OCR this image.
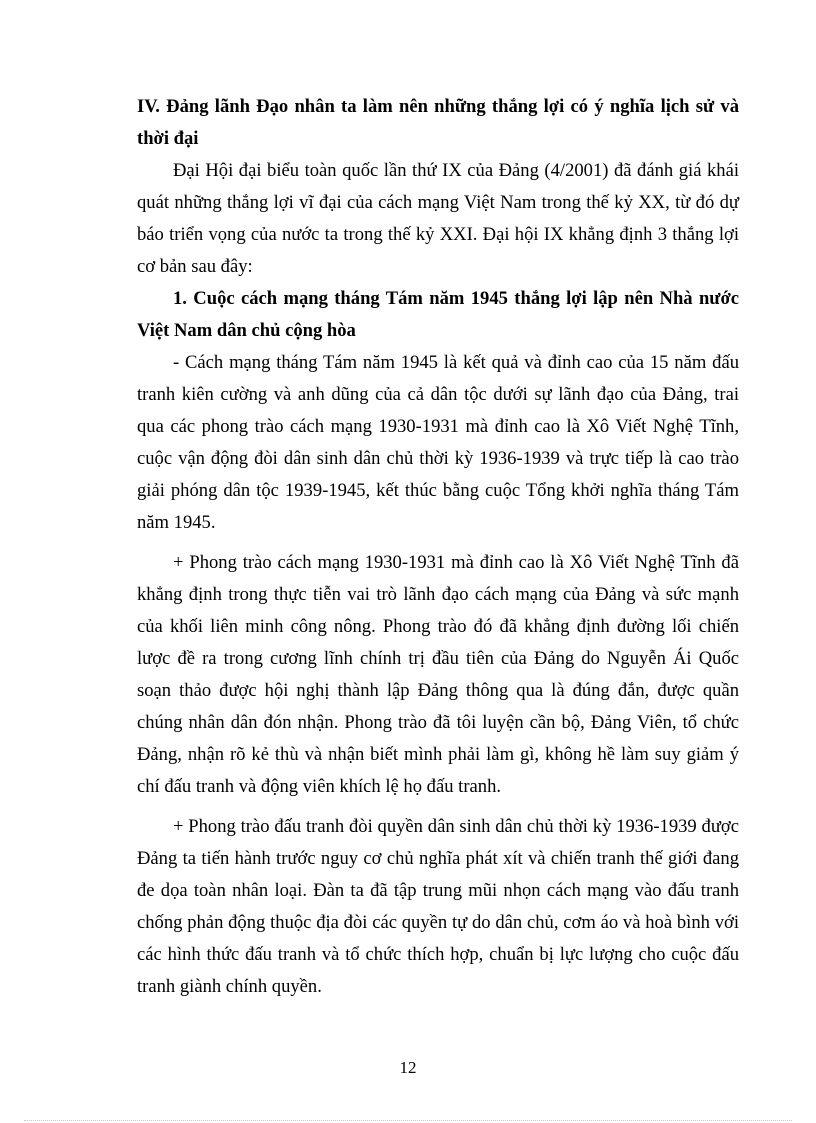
IV. Đảng lãnh Đạo nhân ta làm nên những thắng lợi có ý nghĩa lịch sử và thời đại

Đại Hội đại biểu toàn quốc lần thứ IX của Đảng (4/2001) đã đánh giá khái quát những thắng lợi vĩ đại của cách mạng Việt Nam trong thế kỷ XX, từ đó dự báo triển vọng của nước ta trong thế kỷ XXI. Đại hội IX khẳng định 3 thắng lợi cơ bản sau đây:

1. Cuộc cách mạng tháng Tám năm 1945 thắng lợi lập nên Nhà nước Việt Nam dân chủ cộng hòa

- Cách mạng tháng Tám năm 1945 là kết quả và đỉnh cao của 15 năm đấu tranh kiên cường và anh dũng của cả dân tộc dưới sự lãnh đạo của Đảng, trai qua các phong trào cách mạng 1930-1931 mà đỉnh cao là Xô Viết Nghệ Tĩnh, cuộc vận động đòi dân sinh dân chủ thời kỳ 1936-1939 và trực tiếp là cao trào giải phóng dân tộc 1939-1945, kết thúc bằng cuộc Tổng khởi nghĩa tháng Tám năm 1945.

+ Phong trào cách mạng 1930-1931 mà đỉnh cao là Xô Viết Nghệ Tĩnh đã khẳng định trong thực tiễn vai trò lãnh đạo cách mạng của Đảng và sức mạnh của khối liên minh công nông. Phong trào đó đã khẳng định đường lối chiến lược đề ra trong cương lĩnh chính trị đầu tiên của Đảng do Nguyễn Ái Quốc soạn thảo được hội nghị thành lập Đảng thông qua là đúng đắn, được quần chúng nhân dân đón nhận. Phong trào đã tôi luyện cần bộ, Đảng Viên, tổ chức Đảng, nhận rõ kẻ thù và nhận biết mình phải làm gì, không hề làm suy giảm ý chí đấu tranh và động viên khích lệ họ đấu tranh.

+ Phong trào đấu tranh đòi quyền dân sinh dân chủ thời kỳ 1936-1939 được Đảng ta tiến hành trước nguy cơ chủ nghĩa phát xít và chiến tranh thế giới đang đe dọa toàn nhân loại. Đàn ta đã tập trung mũi nhọn cách mạng vào đấu tranh chống phản động thuộc địa đòi các quyền tự do dân chủ, cơm áo và hoà bình với các hình thức đấu tranh và tổ chức thích hợp, chuẩn bị lực lượng cho cuộc đấu tranh giành chính quyền.

12
